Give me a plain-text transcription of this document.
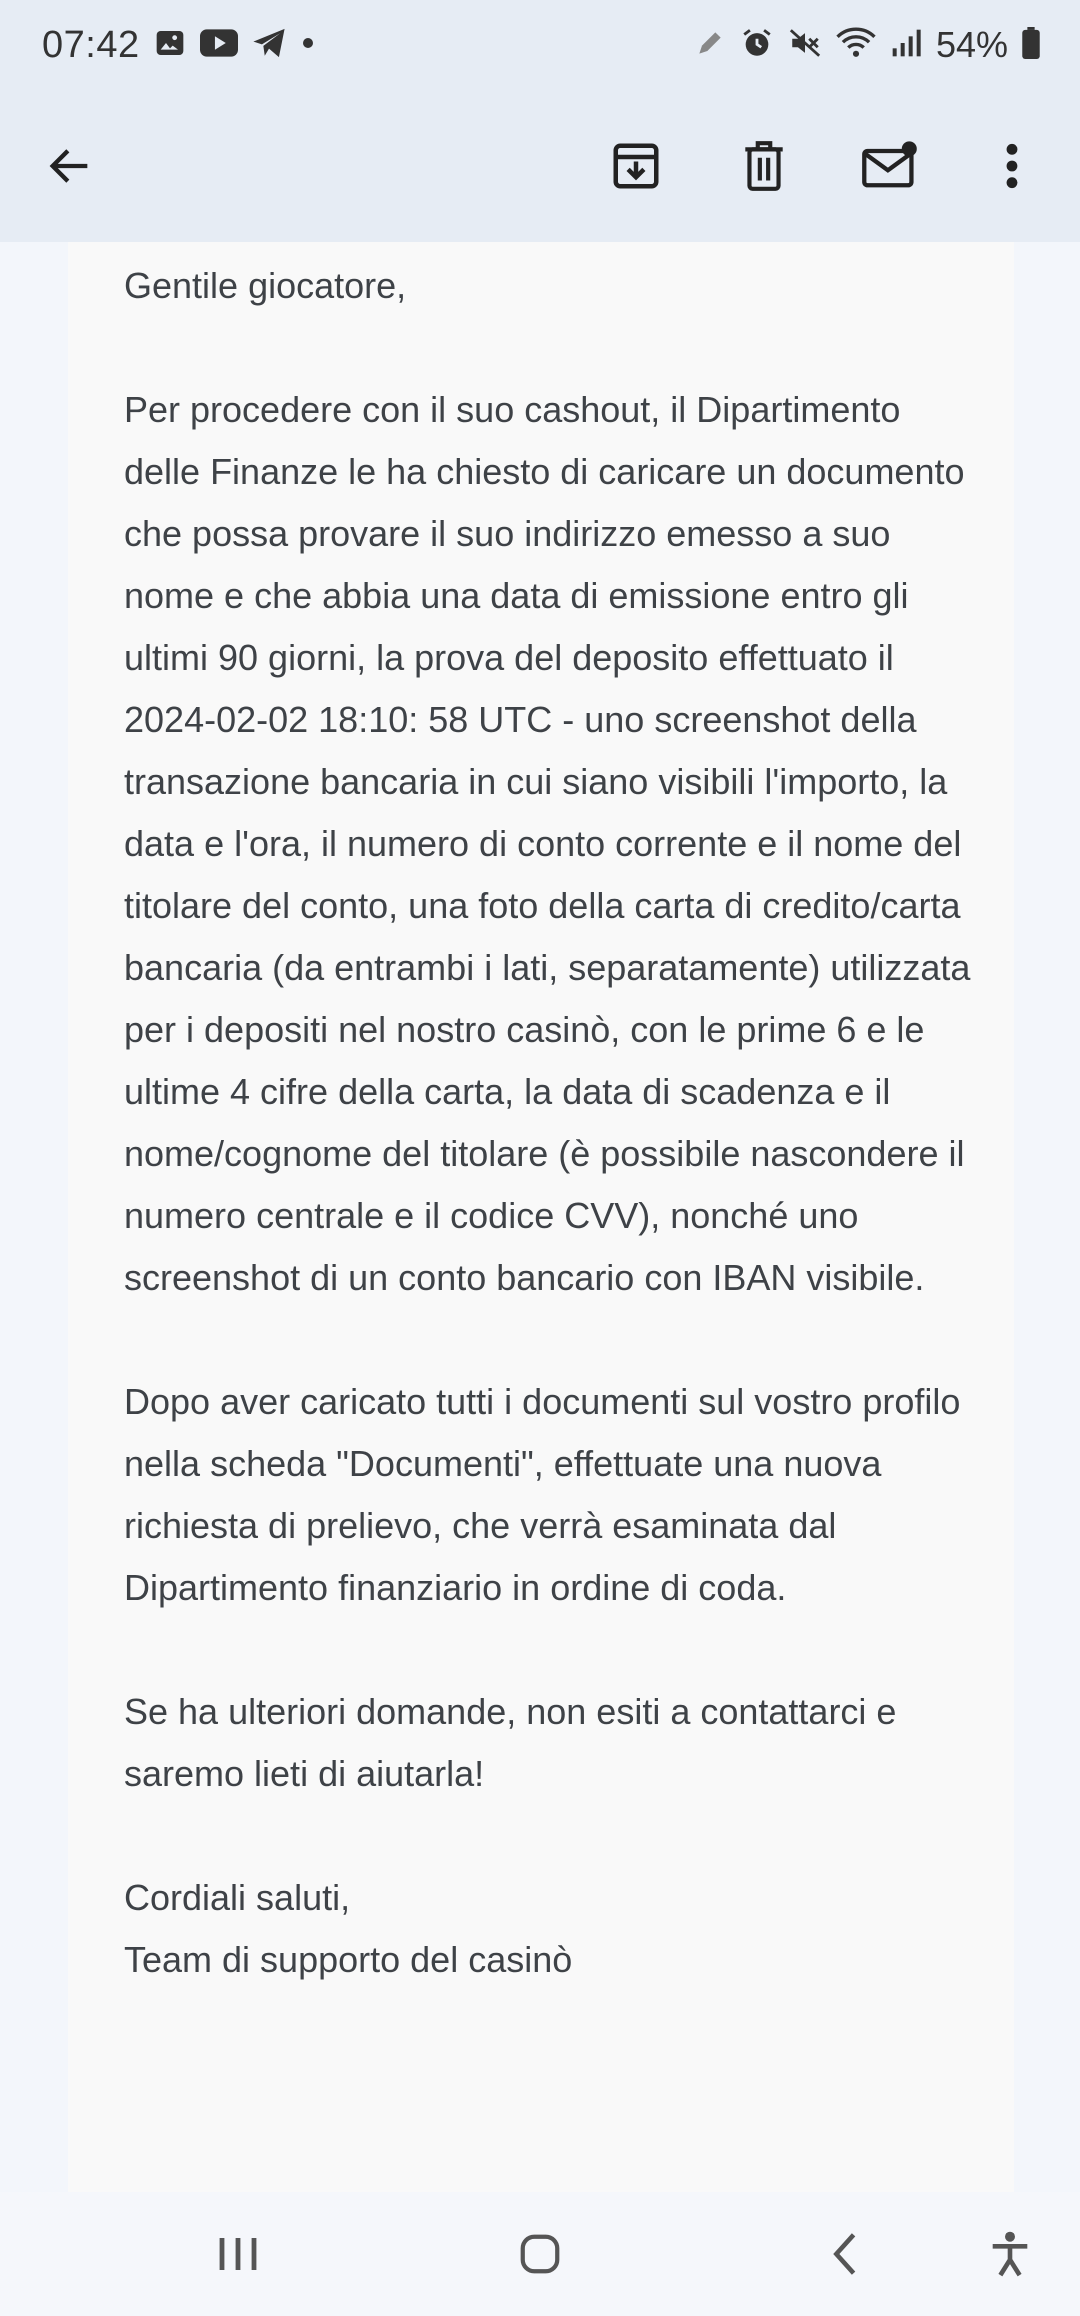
07:42	54%

Gentile giocatore,

Per procedere con il suo cashout, il Dipartimento delle Finanze le ha chiesto di caricare un documento che possa provare il suo indirizzo emesso a suo nome e che abbia una data di emissione entro gli ultimi 90 giorni, la prova del deposito effettuato il 2024-02-02 18:10: 58 UTC - uno screenshot della transazione bancaria in cui siano visibili l'importo, la data e l'ora, il numero di conto corrente e il nome del titolare del conto, una foto della carta di credito/carta bancaria (da entrambi i lati, separatamente) utilizzata per i depositi nel nostro casinò, con le prime 6 e le ultime 4 cifre della carta, la data di scadenza e il nome/cognome del titolare (è possibile nascondere il numero centrale e il codice CVV), nonché uno screenshot di un conto bancario con IBAN visibile.

Dopo aver caricato tutti i documenti sul vostro profilo nella scheda "Documenti", effettuate una nuova richiesta di prelievo, che verrà esaminata dal Dipartimento finanziario in ordine di coda.

Se ha ulteriori domande, non esiti a contattarci e saremo lieti di aiutarla!

Cordiali saluti,
Team di supporto del casinò
